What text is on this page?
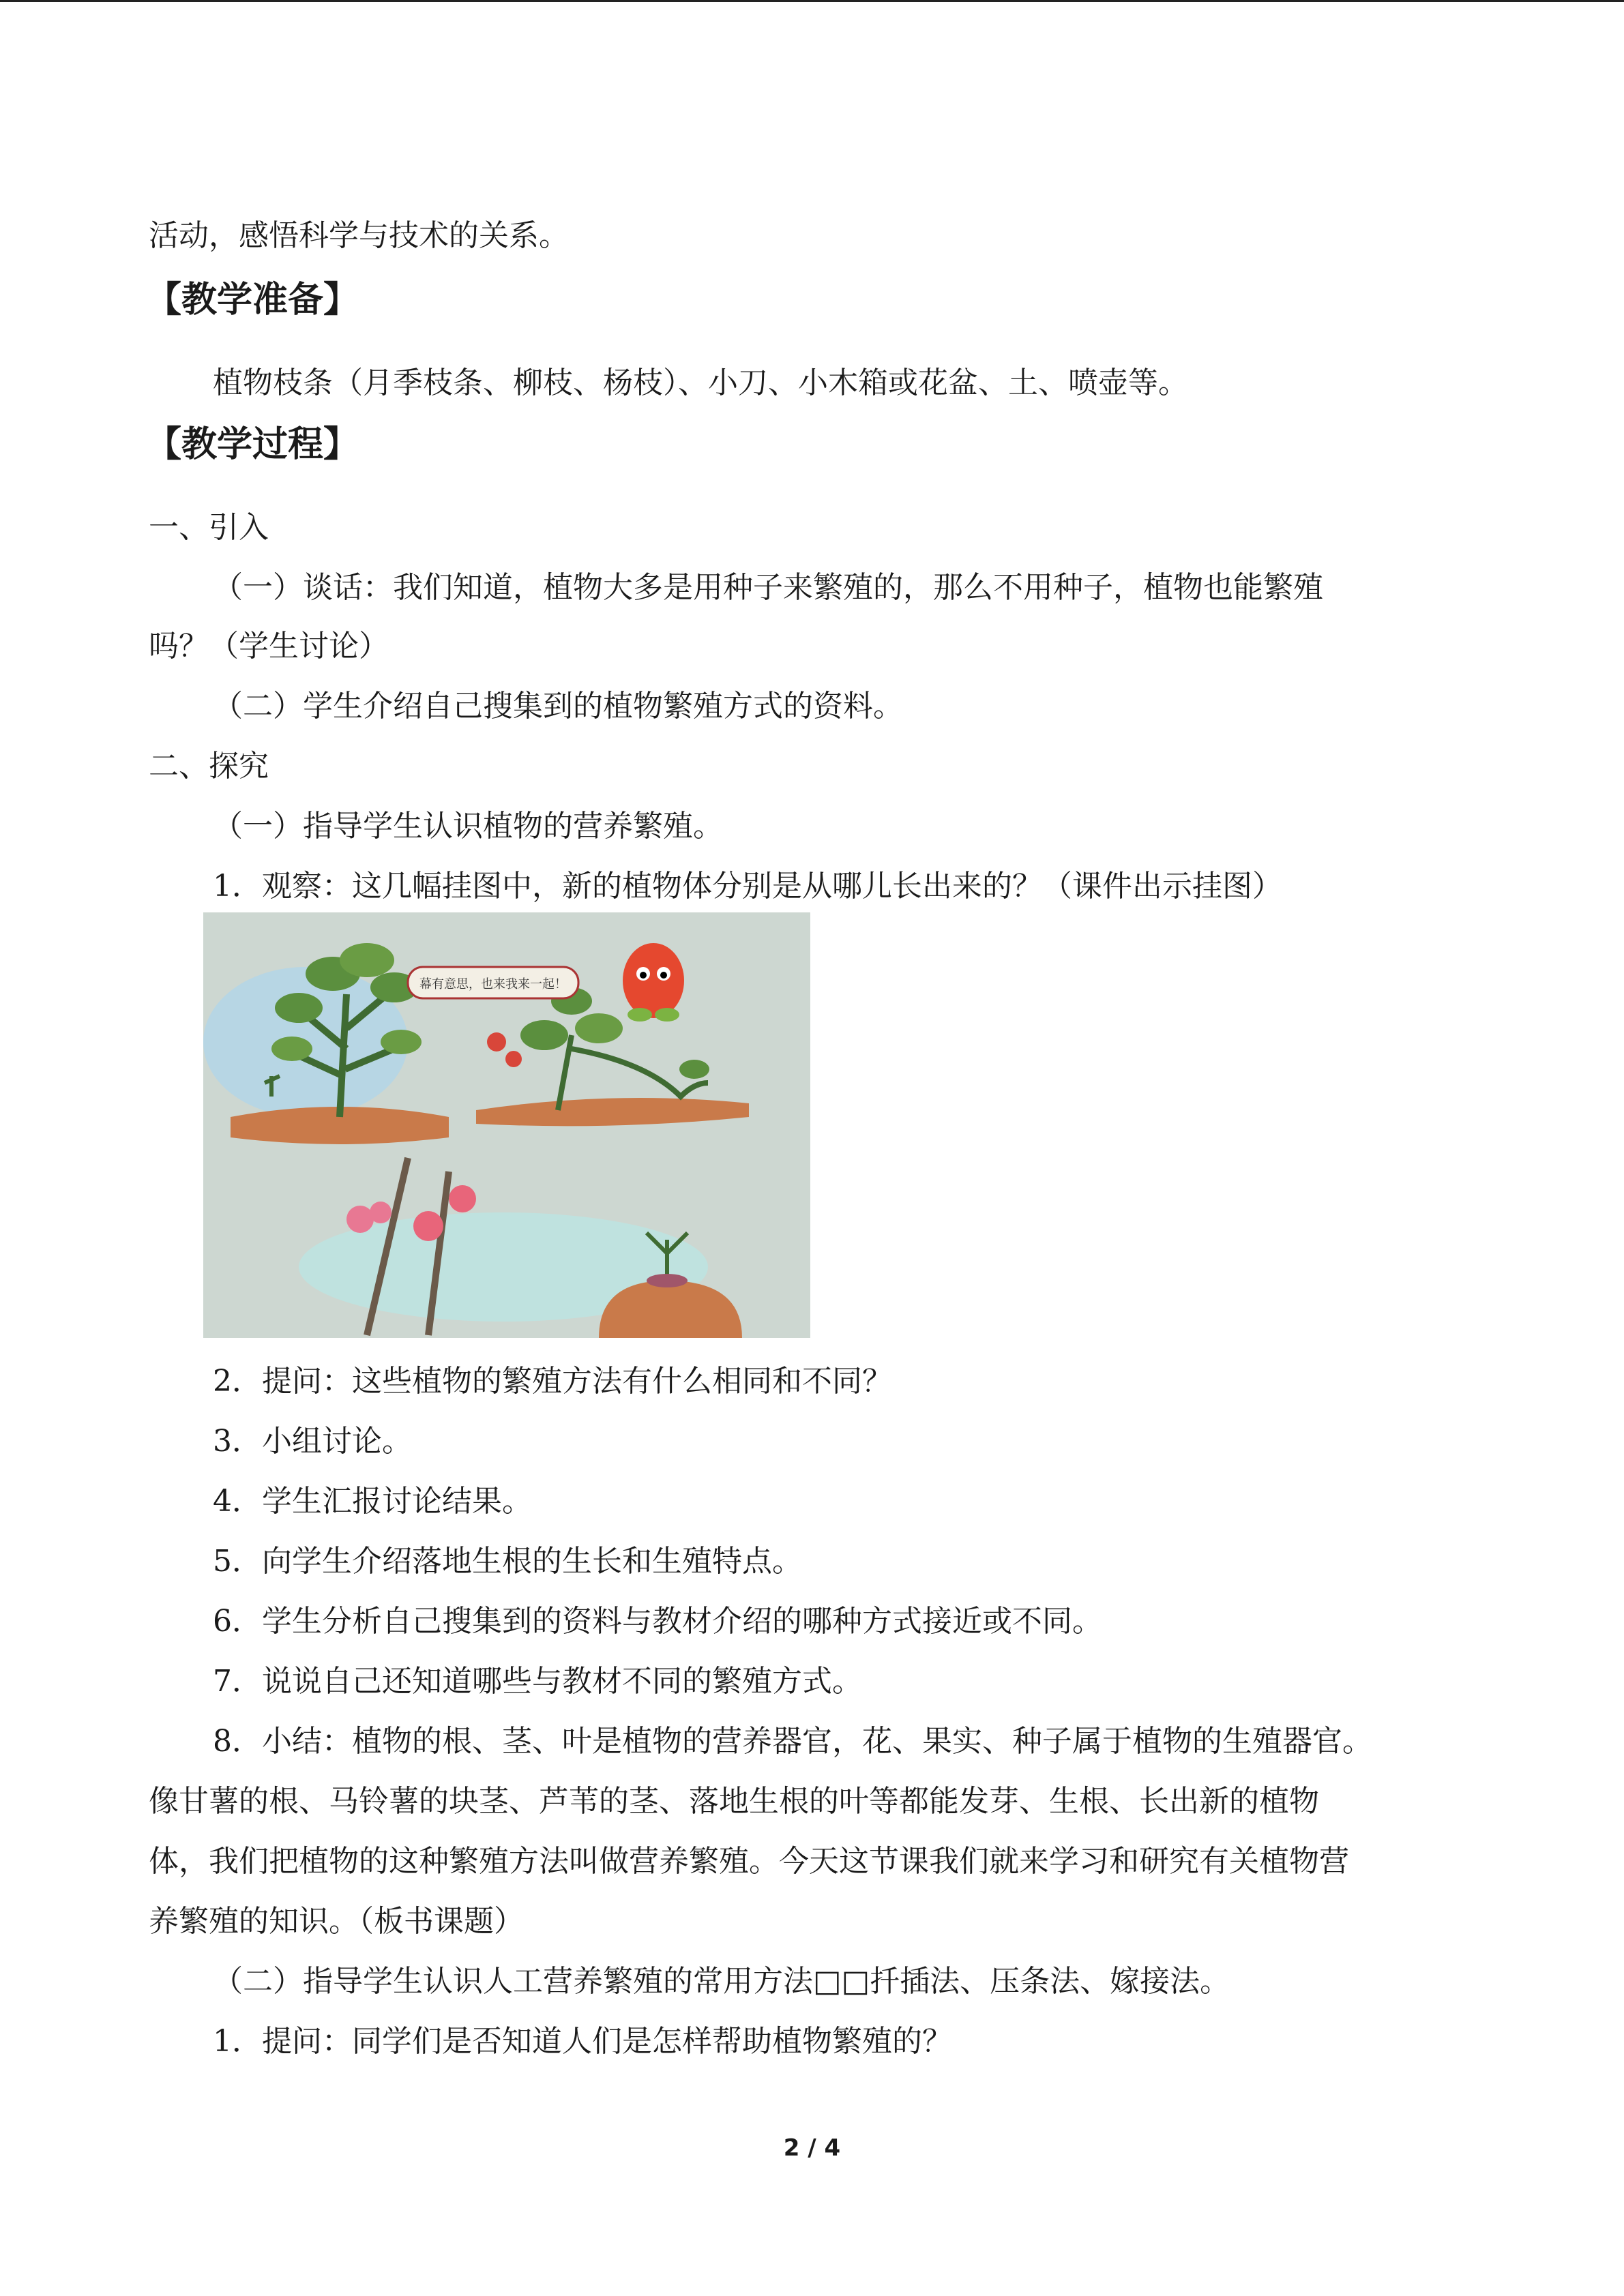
活动，感悟科学与技术的关系。
【教学准备】
植物枝条（月季枝条、柳枝、杨枝）、小刀、小木箱或花盆、土、喷壶等。
【教学过程】
一、引入
（一）谈话：我们知道，植物大多是用种子来繁殖的，那么不用种子，植物也能繁殖
吗？（学生讨论）
（二）学生介绍自己搜集到的植物繁殖方式的资料。
二、探究
（一）指导学生认识植物的营养繁殖。
1．观察：这几幅挂图中，新的植物体分别是从哪儿长出来的？（课件出示挂图）
幕有意思，也来我来一起！
2．提问：这些植物的繁殖方法有什么相同和不同？
3．小组讨论。
4．学生汇报讨论结果。
5．向学生介绍落地生根的生长和生殖特点。
6．学生分析自己搜集到的资料与教材介绍的哪种方式接近或不同。
7．说说自己还知道哪些与教材不同的繁殖方式。
8．小结：植物的根、茎、叶是植物的营养器官，花、果实、种子属于植物的生殖器官。
像甘薯的根、马铃薯的块茎、芦苇的茎、落地生根的叶等都能发芽、生根、长出新的植物
体，我们把植物的这种繁殖方法叫做营养繁殖。今天这节课我们就来学习和研究有关植物营
养繁殖的知识。（板书课题）
（二）指导学生认识人工营养繁殖的常用方法□□扦插法、压条法、嫁接法。
1．提问：同学们是否知道人们是怎样帮助植物繁殖的？
2 / 4
